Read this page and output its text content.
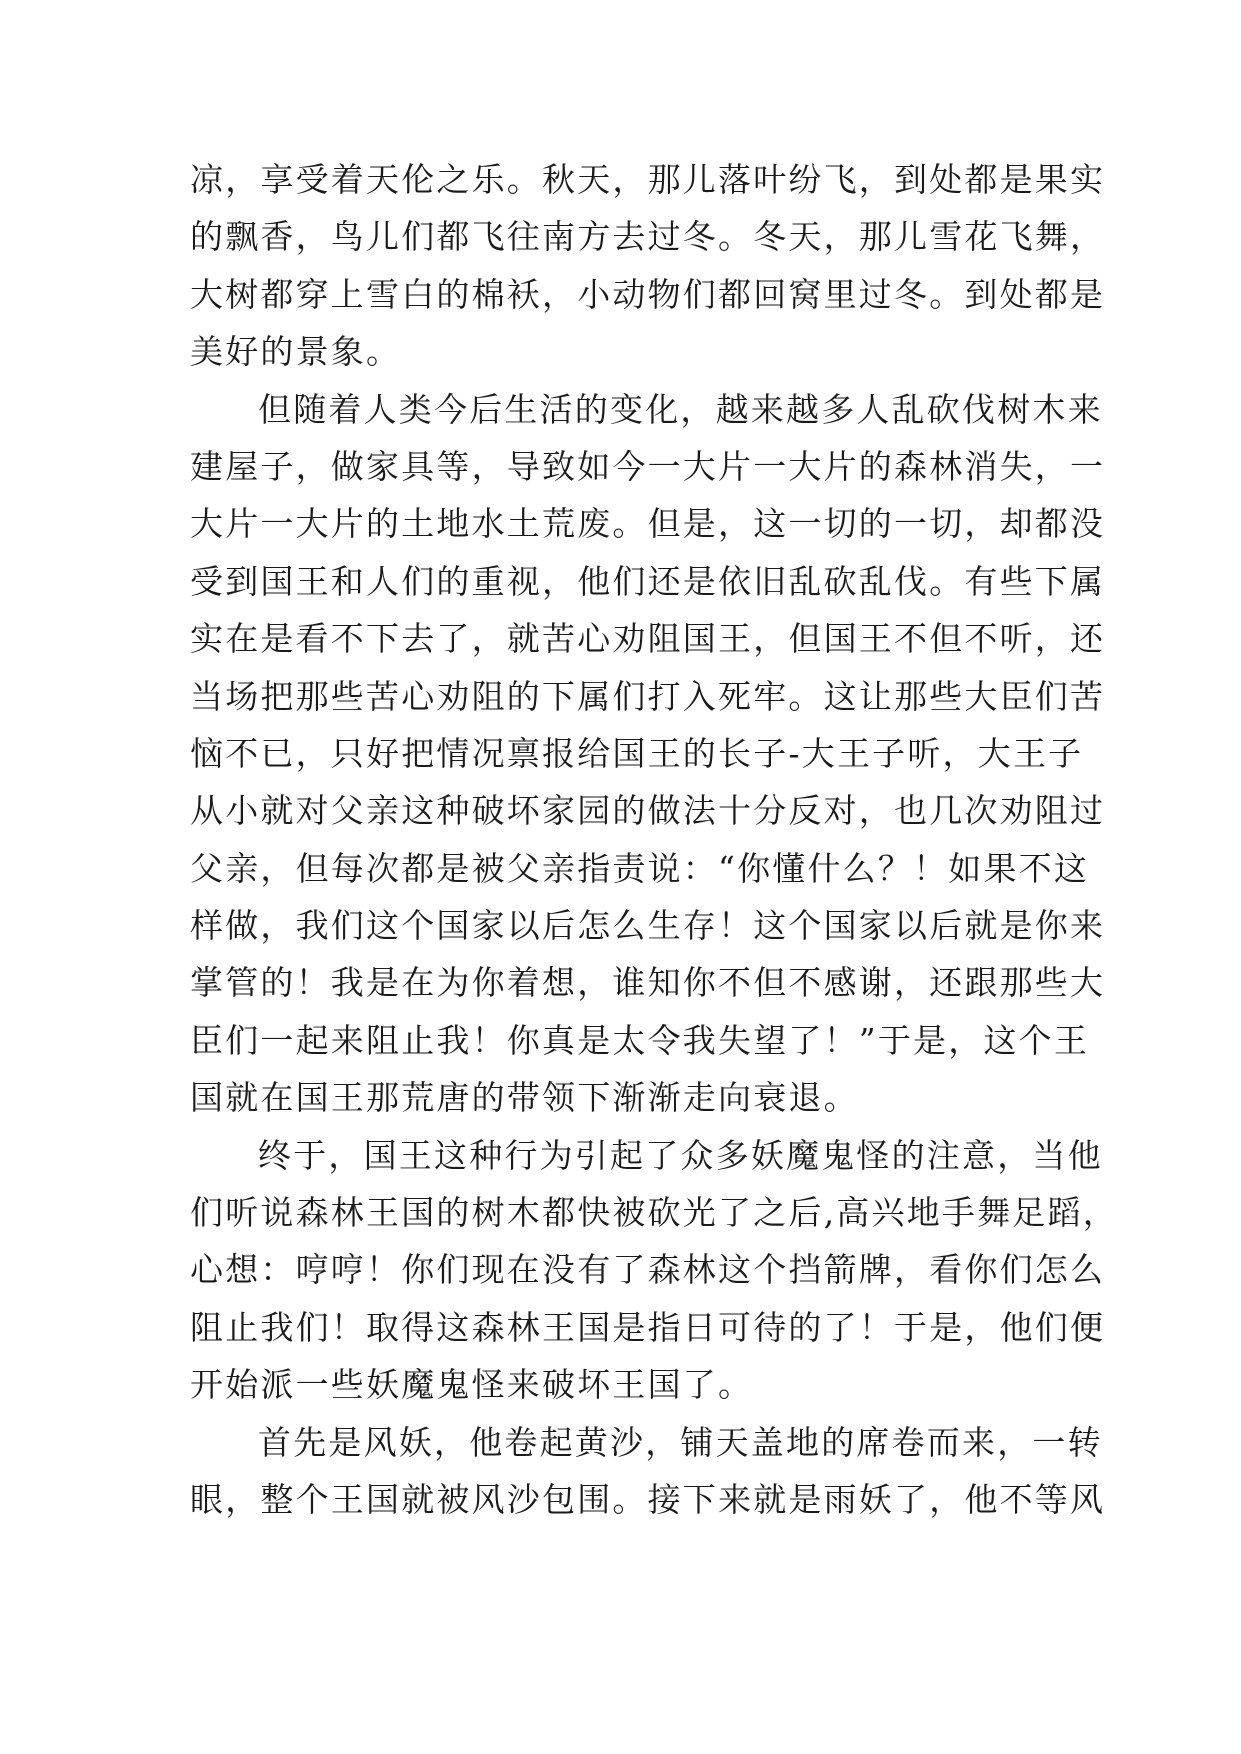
凉，享受着天伦之乐。秋天，那儿落叶纷飞，到处都是果实
的飘香，鸟儿们都飞往南方去过冬。冬天，那儿雪花飞舞，
大树都穿上雪白的棉袄，小动物们都回窝里过冬。到处都是
美好的景象。
但随着人类今后生活的变化，越来越多人乱砍伐树木来
建屋子，做家具等，导致如今一大片一大片的森林消失，一
大片一大片的土地水土荒废。但是，这一切的一切，却都没
受到国王和人们的重视，他们还是依旧乱砍乱伐。有些下属
实在是看不下去了，就苦心劝阻国王，但国王不但不听，还
当场把那些苦心劝阻的下属们打入死牢。这让那些大臣们苦
恼不已，只好把情况禀报给国王的长子-大王子听，大王子
从小就对父亲这种破坏家园的做法十分反对，也几次劝阻过
父亲，但每次都是被父亲指责说：“你懂什么？！如果不这
样做，我们这个国家以后怎么生存！这个国家以后就是你来
掌管的！我是在为你着想，谁知你不但不感谢，还跟那些大
臣们一起来阻止我！你真是太令我失望了！”于是，这个王
国就在国王那荒唐的带领下渐渐走向衰退。
终于，国王这种行为引起了众多妖魔鬼怪的注意，当他
们听说森林王国的树木都快被砍光了之后,高兴地手舞足蹈，
心想：哼哼！你们现在没有了森林这个挡箭牌，看你们怎么
阻止我们！取得这森林王国是指日可待的了！于是，他们便
开始派一些妖魔鬼怪来破坏王国了。
首先是风妖，他卷起黄沙，铺天盖地的席卷而来，一转
眼，整个王国就被风沙包围。接下来就是雨妖了，他不等风
